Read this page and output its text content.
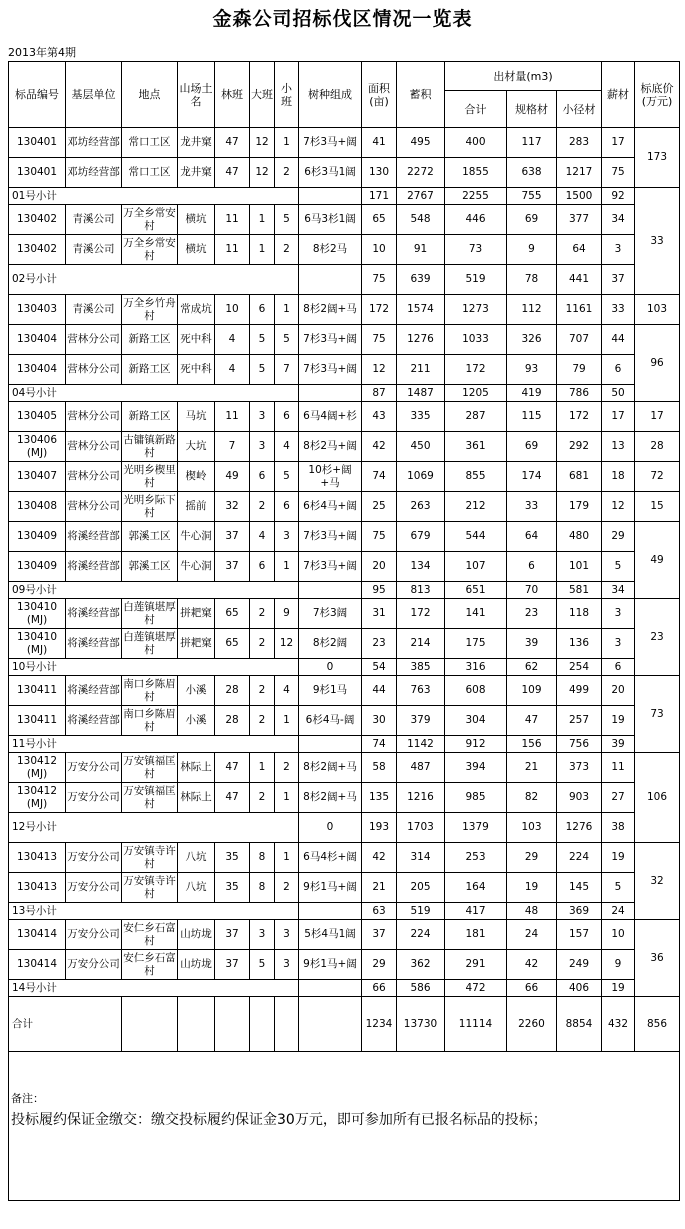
金森公司招标伐区情况一览表
2013年第4期
标品编号	基层单位	地点	山场土名	林班	大班	小班	树种组成	面积(亩)	蓄积	出材量(m3)			薪材	标底价(万元)
										合计	规格材	小径材		
130401	邓坊经营部	常口工区	龙井窠	47	12	1	7杉3马+阔	41	495	400	117	283	17	173
130401	邓坊经营部	常口工区	龙井窠	47	12	2	6杉3马1阔	130	2272	1855	638	1217	75	
01号小计								171	2767	2255	755	1500	92	33
130402	青溪公司	万全乡常安村	横坑	11	1	5	6马3杉1阔	65	548	446	69	377	34	
130402	青溪公司	万全乡常安村	横坑	11	1	2	8杉2马	10	91	73	9	64	3	
02号小计								75	639	519	78	441	37	
130403	青溪公司	万全乡竹舟村	常成坑	10	6	1	8杉2阔+马	172	1574	1273	112	1161	33	103
130404	营林分公司	新路工区	死中科	4	5	5	7杉3马+阔	75	1276	1033	326	707	44	96
130404	营林分公司	新路工区	死中科	4	5	7	7杉3马+阔	12	211	172	93	79	6	
04号小计								87	1487	1205	419	786	50	
130405	营林分公司	新路工区	马坑	11	3	6	6马4阔+杉	43	335	287	115	172	17	17
130406 (MJ)	营林分公司	古镛镇新路村	大坑	7	3	4	8杉2马+阔	42	450	361	69	292	13	28
130407	营林分公司	光明乡楔里村	楔岭	49	6	5	10杉+阔+马	74	1069	855	174	681	18	72
130408	营林分公司	光明乡际下村	摇前	32	2	6	6杉4马+阔	25	263	212	33	179	12	15
130409	将溪经营部	郭溪工区	牛心洞	37	4	3	7杉3马+阔	75	679	544	64	480	29	49
130409	将溪经营部	郭溪工区	牛心洞	37	6	1	7杉3马+阔	20	134	107	6	101	5	
09号小计								95	813	651	70	581	34	
130410 (MJ)	将溪经营部	白莲镇堪厚村	拼耙窠	65	2	9	7杉3阔	31	172	141	23	118	3	23
130410 (MJ)	将溪经营部	白莲镇堪厚村	拼耙窠	65	2	12	8杉2阔	23	214	175	39	136	3	
10号小计							0	54	385	316	62	254	6	
130411	将溪经营部	南口乡陈眉村	小溪	28	2	4	9杉1马	44	763	608	109	499	20	73
130411	将溪经营部	南口乡陈眉村	小溪	28	2	1	6杉4马-阔	30	379	304	47	257	19	
11号小计								74	1142	912	156	756	39	
130412 (MJ)	万安分公司	万安镇福匡村	林际上	47	1	2	8杉2阔+马	58	487	394	21	373	11	106
130412 (MJ)	万安分公司	万安镇福匡村	林际上	47	2	1	8杉2阔+马	135	1216	985	82	903	27	
12号小计							0	193	1703	1379	103	1276	38	
130413	万安分公司	万安镇寺许村	八坑	35	8	1	6马4杉+阔	42	314	253	29	224	19	32
130413	万安分公司	万安镇寺许村	八坑	35	8	2	9杉1马+阔	21	205	164	19	145	5	
13号小计								63	519	417	48	369	24	
130414	万安分公司	安仁乡石富村	山坊垅	37	3	3	5杉4马1阔	37	224	181	24	157	10	36
130414	万安分公司	安仁乡石富村	山坊垅	37	5	3	9杉1马+阔	29	362	291	42	249	9	
14号小计								66	586	472	66	406	19	
合计								1234	13730	11114	2260	8854	432	856

备注：
投标履约保证金缴交：缴交投标履约保证金30万元，即可参加所有已报名标品的投标；														
